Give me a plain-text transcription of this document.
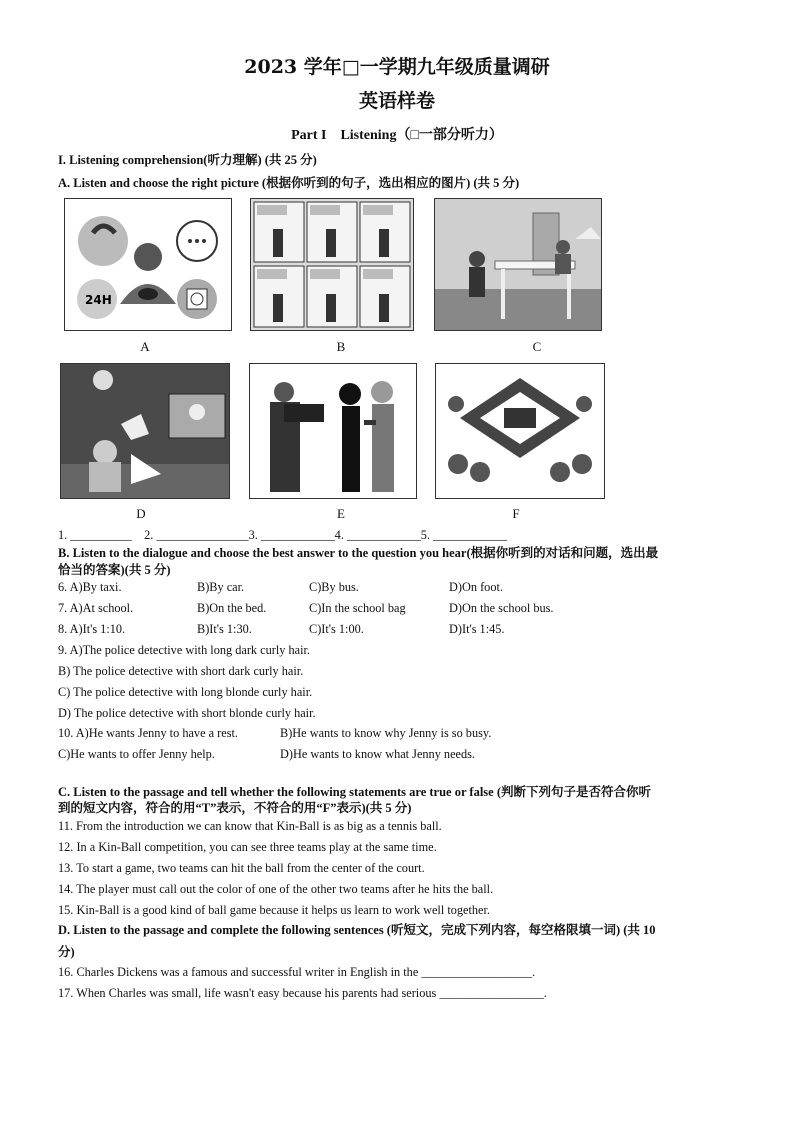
2023 学年□一学期九年级质量调研
英语样卷
Part I　Listening（□一部分听力）
I. Listening comprehension(听力理解) (共 25 分)
A. Listen and choose the right picture (根据你听到的句子，选出相应的图片) (共 5 分)
24H
A	B	C
D	E	F
1. __________　2. _______________3. ____________4. ____________5. ____________
B. Listen to the dialogue and choose the best answer to the question you hear(根据你听到的对话和问题，选出最
恰当的答案)(共 5 分)
6. A)By taxi.	B)By car.	C)By bus.	D)On foot.
7. A)At school.	B)On the bed.	C)In the school bag	D)On the school bus.
8. A)It's 1:10.	B)It's 1:30.	C)It's 1:00.	D)It's 1:45.
9. A)The police detective with long dark curly hair.
B) The police detective with short dark curly hair.
C) The police detective with long blonde curly hair.
D) The police detective with short blonde curly hair.
10. A)He wants Jenny to have a rest.	B)He wants to know why Jenny is so busy.
C)He wants to offer Jenny help.	D)He wants to know what Jenny needs.
C. Listen to the passage and tell whether the following statements are true or false (判断下列句子是否符合你听
到的短文内容，符合的用“T”表示，不符合的用“F”表示)(共 5 分)
11. From the introduction we can know that Kin-Ball is as big as a tennis ball.
12. In a Kin-Ball competition, you can see three teams play at the same time.
13. To start a game, two teams can hit the ball from the center of the court.
14. The player must call out the color of one of the other two teams after he hits the ball.
15. Kin-Ball is a good kind of ball game because it helps us learn to work well together.
D. Listen to the passage and complete the following sentences (听短文，完成下列内容，每空格限填一词) (共 10
分)
16. Charles Dickens was a famous and successful writer in English in the __________________.
17. When Charles was small, life wasn't easy because his parents had serious _________________.
